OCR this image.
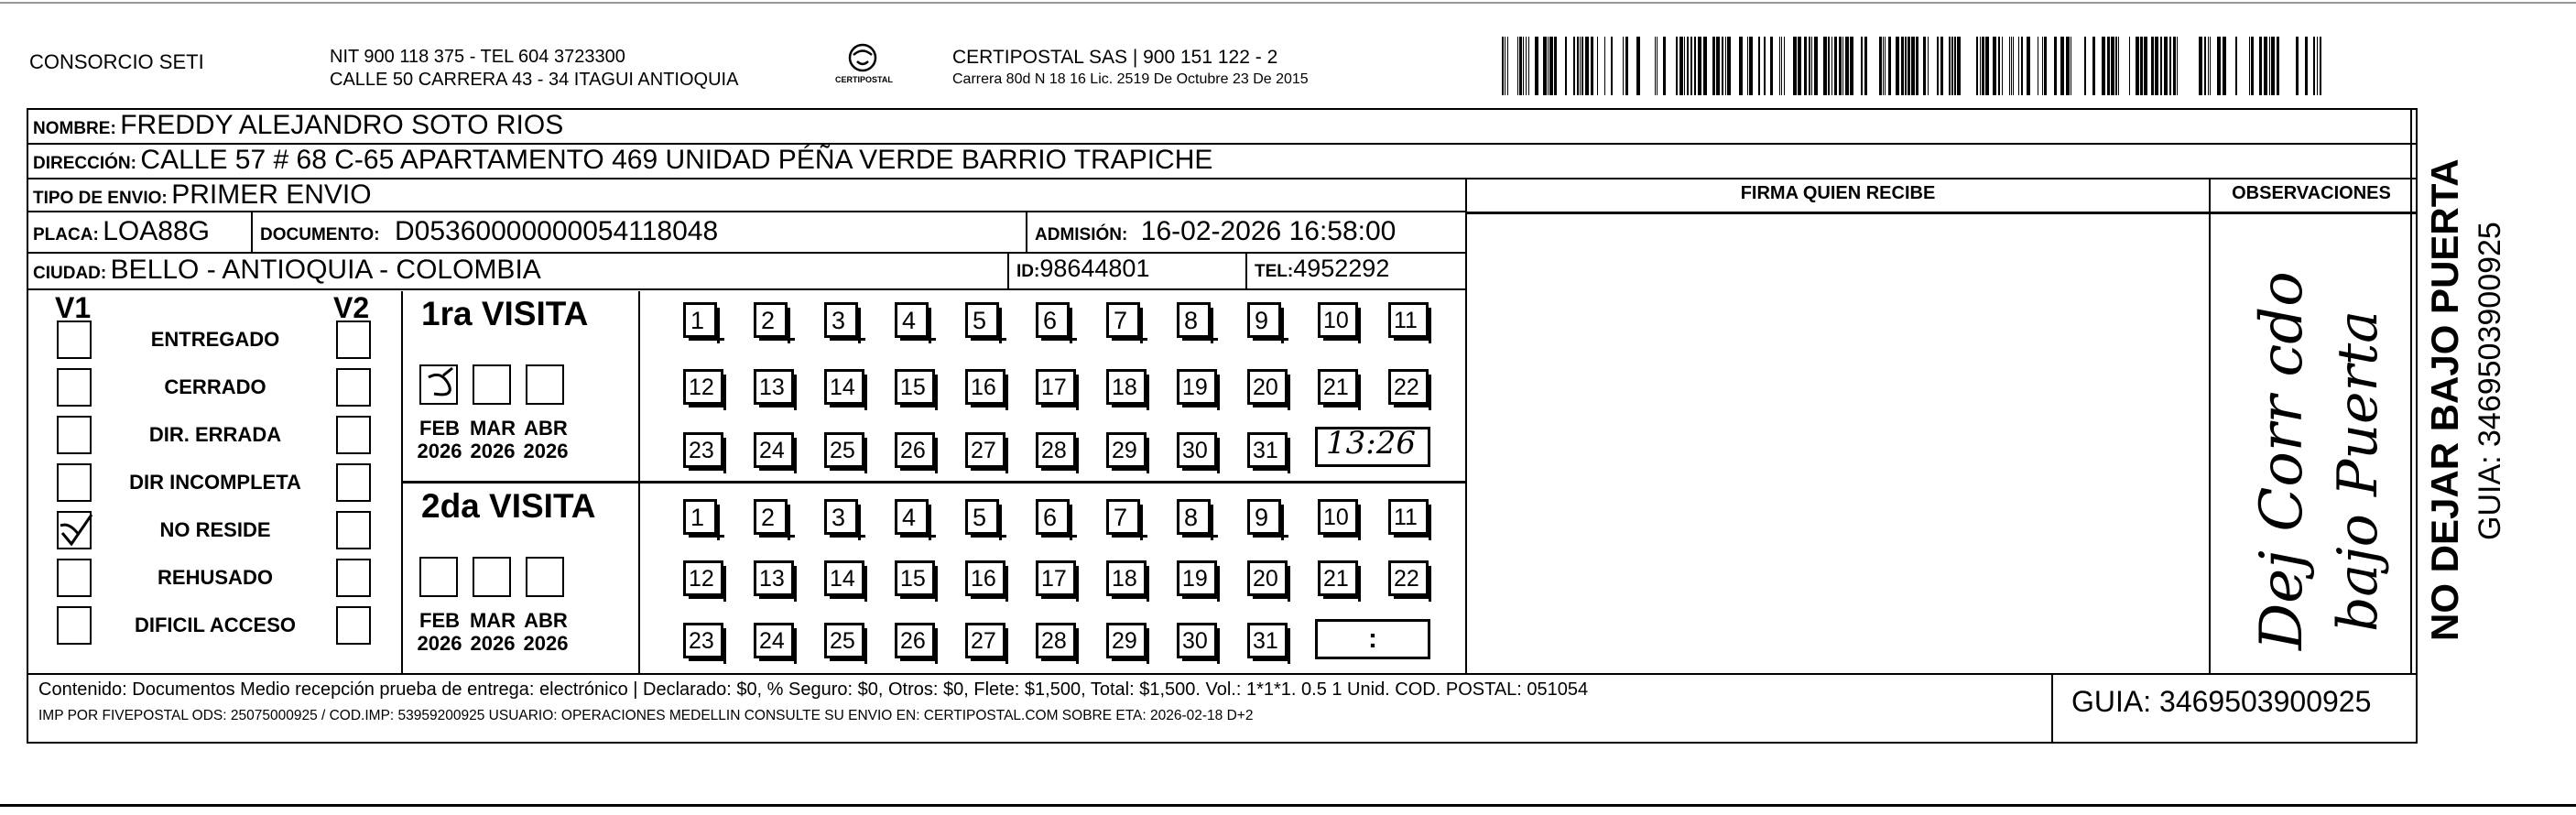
CONSORCIO SETI	NIT 900 118 375 - TEL 604 3723300
CALLE 50 CARRERA 43 - 34 ITAGUI ANTIOQUIA	CERTIPOSTAL
CERTIPOSTAL SAS | 900 151 122 - 2
Carrera 80d N 18 16 Lic. 2519 De Octubre 23 De 2015
NOMBRE: FREDDY ALEJANDRO SOTO RIOS
DIRECCIÓN: CALLE 57 # 68 C-65 APARTAMENTO 469 UNIDAD PÉÑA VERDE BARRIO TRAPICHE
TIPO DE ENVIO: PRIMER ENVIO
PLACA: LOA88G	DOCUMENTO: D05360000000054118048	ADMISIÓN: 16-02-2026 16:58:00
CIUDAD: BELLO - ANTIOQUIA - COLOMBIA	ID:98644801	TEL:4952292
FIRMA QUIEN RECIBE	OBSERVACIONES
V1	V2
ENTREGADO
CERRADO
DIR. ERRADA
DIR INCOMPLETA
NO RESIDE
REHUSADO
DIFICIL ACCESO
1ra VISITA
2da VISITA
FEB
2026
MAR
2026
ABR
2026
FEB
2026
MAR
2026
ABR
2026
1	2	3	4	5	6	7	8	9	10	11
12	13	14	15	16	17	18	19	20	21	22
23	24	25	26	27	28	29	30	31
1	2	3	4	5	6	7	8	9	10	11
12	13	14	15	16	17	18	19	20	21	22
23	24	25	26	27	28	29	30	31
13:26
:	Dej Corr cdo bajo Puerta
Contenido: Documentos Medio recepción prueba de entrega: electrónico | Declarado: $0, % Seguro: $0, Otros: $0, Flete: $1,500, Total: $1,500. Vol.: 1*1*1. 0.5 1 Unid. COD. POSTAL: 051054
IMP POR FIVEPOSTAL ODS: 25075000925 / COD.IMP: 53959200925 USUARIO: OPERACIONES MEDELLIN CONSULTE SU ENVIO EN: CERTIPOSTAL.COM SOBRE ETA: 2026-02-18 D+2	GUIA: 3469503900925
NO DEJAR BAJO PUERTA GUIA: 3469503900925
